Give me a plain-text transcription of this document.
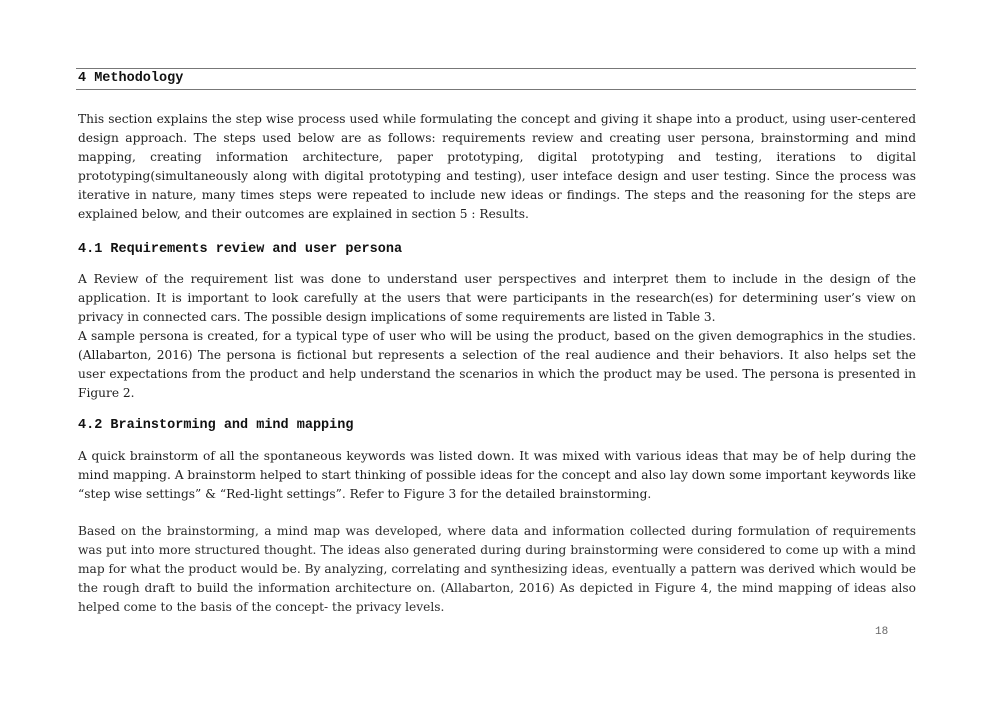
4 Methodology

This section explains the step wise process used while formulating the concept and giving it shape into a product, using user-centered design approach. The steps used below are as follows: requirements review and creating user persona, brainstorming and mind mapping, creating information architecture, paper prototyping, digital prototyping and testing, iterations to digital prototyping(simultaneously along with digital prototyping and testing), user inteface design and user testing. Since the process was iterative in nature, many times steps were repeated to include new ideas or findings. The steps and the reasoning for the steps are explained below, and their outcomes are explained in section 5 : Results.

4.1 Requirements review and user persona

A Review of the requirement list was done to understand user perspectives and interpret them to include in the design of the application. It is important to look carefully at the users that were participants in the research(es) for determining user’s view on privacy in connected cars. The possible design implications of some requirements are listed in Table 3.

A sample persona is created, for a typical type of user who will be using the product, based on the given demographics in the studies. (Allabarton, 2016) The persona is fictional but represents a selection of the real audience and their behaviors. It also helps set the user expectations from the product and help understand the scenarios in which the product may be used. The persona is presented in Figure 2.

4.2 Brainstorming and mind mapping

A quick brainstorm of all the spontaneous keywords was listed down. It was mixed with various ideas that may be of help during the mind mapping. A brainstorm helped to start thinking of possible ideas for the concept and also lay down some important keywords like “step wise settings” & “Red-light settings”. Refer to Figure 3 for the detailed brainstorming.

Based on the brainstorming, a mind map was developed, where data and information collected during formulation of requirements was put into more structured thought. The ideas also generated during during brainstorming were considered to come up with a mind map for what the product would be. By analyzing, correlating and synthesizing ideas, eventually a pattern was derived which would be the rough draft to build the information architecture on. (Allabarton, 2016) As depicted in Figure 4, the mind mapping of ideas also helped come to the basis of the concept- the privacy levels.

18
